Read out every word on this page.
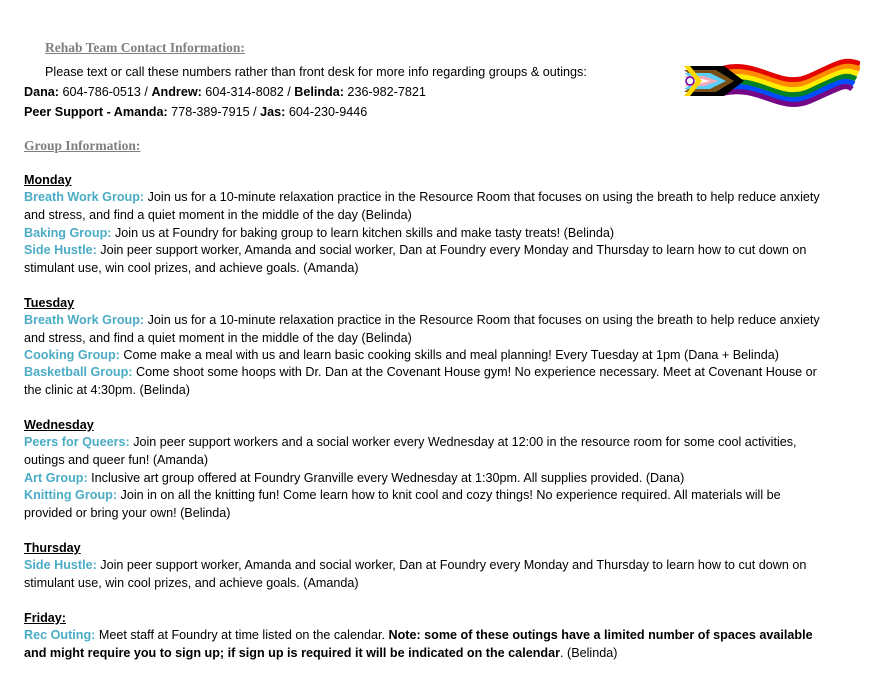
Rehab Team Contact Information:
Please text or call these numbers rather than front desk for more info regarding groups & outings:
Dana: 604-786-0513 / Andrew: 604-314-8082 / Belinda: 236-982-7821
Peer Support - Amanda: 778-389-7915 / Jas: 604-230-9446
Group Information:
Monday
Breath Work Group: Join us for a 10-minute relaxation practice in the Resource Room that focuses on using the breath to help reduce anxiety and stress, and find a quiet moment in the middle of the day (Belinda)
Baking Group: Join us at Foundry for baking group to learn kitchen skills and make tasty treats! (Belinda)
Side Hustle: Join peer support worker, Amanda and social worker, Dan at Foundry every Monday and Thursday to learn how to cut down on stimulant use, win cool prizes, and achieve goals. (Amanda)
Tuesday
Breath Work Group: Join us for a 10-minute relaxation practice in the Resource Room that focuses on using the breath to help reduce anxiety and stress, and find a quiet moment in the middle of the day (Belinda)
Cooking Group: Come make a meal with us and learn basic cooking skills and meal planning! Every Tuesday at 1pm (Dana + Belinda)
Basketball Group: Come shoot some hoops with Dr. Dan at the Covenant House gym! No experience necessary. Meet at Covenant House or the clinic at 4:30pm. (Belinda)
Wednesday
Peers for Queers: Join peer support workers and a social worker every Wednesday at 12:00 in the resource room for some cool activities, outings and queer fun! (Amanda)
Art Group: Inclusive art group offered at Foundry Granville every Wednesday at 1:30pm. All supplies provided. (Dana)
Knitting Group: Join in on all the knitting fun! Come learn how to knit cool and cozy things! No experience required. All materials will be provided or bring your own! (Belinda)
Thursday
Side Hustle: Join peer support worker, Amanda and social worker, Dan at Foundry every Monday and Thursday to learn how to cut down on stimulant use, win cool prizes, and achieve goals. (Amanda)
Friday:
Rec Outing: Meet staff at Foundry at time listed on the calendar. Note: some of these outings have a limited number of spaces available and might require you to sign up; if sign up is required it will be indicated on the calendar. (Belinda)
